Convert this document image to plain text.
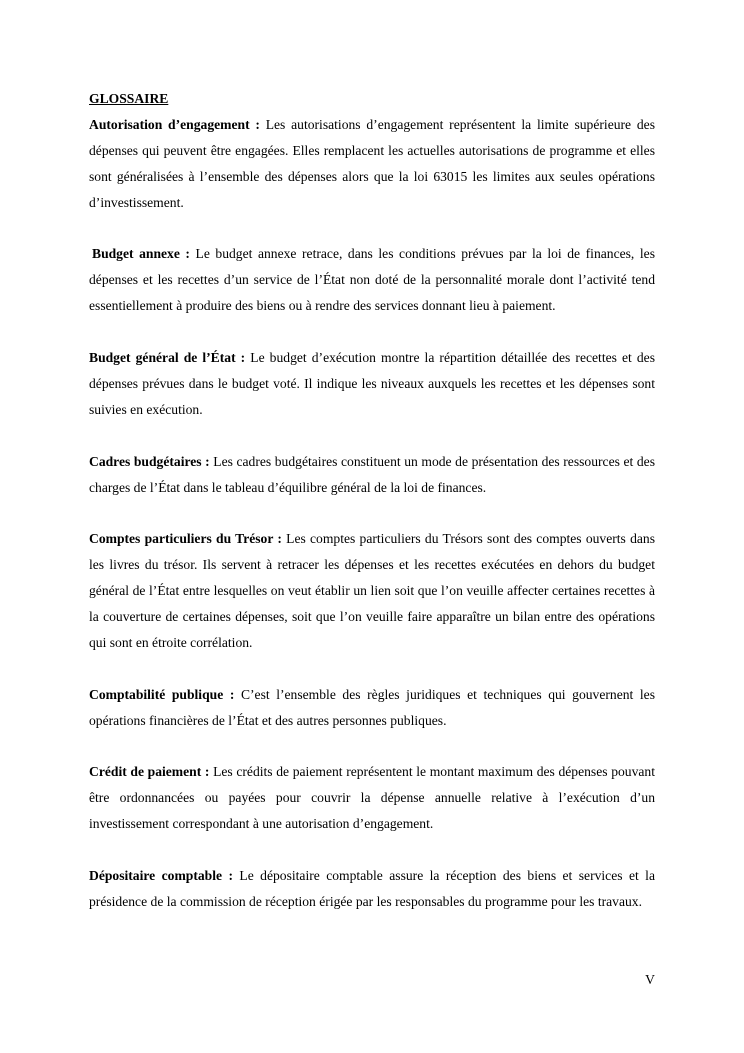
GLOSSAIRE

Autorisation d’engagement : Les autorisations d’engagement représentent la limite supérieure des dépenses qui peuvent être engagées. Elles remplacent les actuelles autorisations de programme et elles sont généralisées à l’ensemble des dépenses alors que la loi 63015 les limites aux seules opérations d’investissement.

Budget annexe : Le budget annexe retrace, dans les conditions prévues par la loi de finances, les dépenses et les recettes d’un service de l’État non doté de la personnalité morale dont l’activité tend essentiellement à produire des biens ou à rendre des services donnant lieu à paiement.

Budget général de l’État : Le budget d’exécution montre la répartition détaillée des recettes et des dépenses prévues dans le budget voté. Il indique les niveaux auxquels les recettes et les dépenses sont suivies en exécution.

Cadres budgétaires : Les cadres budgétaires constituent un mode de présentation des ressources et des charges de l’État dans le tableau d’équilibre général de la loi de finances.

Comptes particuliers du Trésor : Les comptes particuliers du Trésors sont des comptes ouverts dans les livres du trésor. Ils servent à retracer les dépenses et les recettes exécutées en dehors du budget général de l’État entre lesquelles on veut établir un lien soit que l’on veuille affecter certaines recettes à la couverture de certaines dépenses, soit que l’on veuille faire apparaître un bilan entre des opérations qui sont en étroite corrélation.

Comptabilité publique : C’est l’ensemble des règles juridiques et techniques qui gouvernent les opérations financières de l’État et des autres personnes publiques.

Crédit de paiement : Les crédits de paiement représentent le montant maximum des dépenses pouvant être ordonnancées ou payées pour couvrir la dépense annuelle relative à l’exécution d’un investissement correspondant à une autorisation d’engagement.

Dépositaire comptable : Le dépositaire comptable assure la réception des biens et services et la présidence de la commission de réception érigée par les responsables du programme pour les travaux.

V
